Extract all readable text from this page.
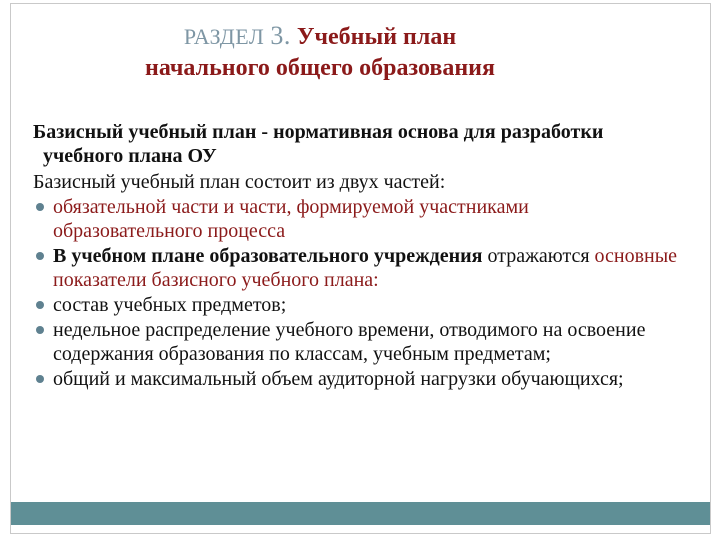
РАЗДЕЛ 3. Учебный план
начального общего образования

Базисный учебный план - нормативная основа для разработки учебного плана ОУ

Базисный учебный план состоит из двух частей:

обязательной части и части, формируемой участниками образовательного процесса
В учебном плане образовательного учреждения отражаются основные показатели базисного учебного плана:
состав учебных предметов;
недельное распределение учебного времени, отводимого на освоение содержания образования по классам, учебным предметам;
общий и максимальный объем аудиторной нагрузки обучающихся;
